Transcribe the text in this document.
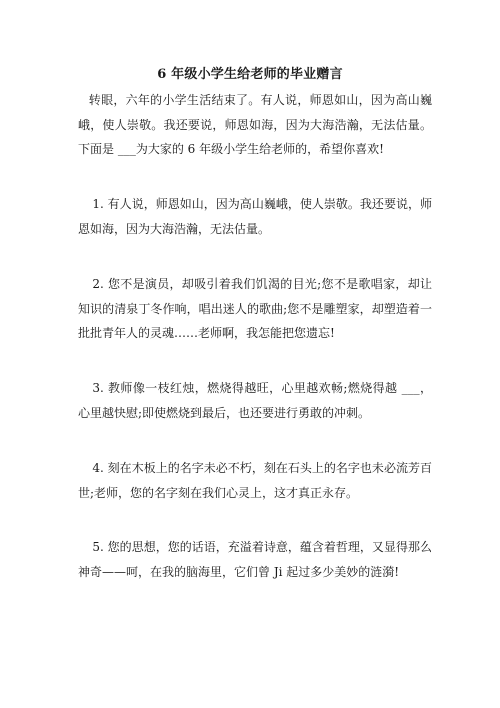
6 年级小学生给老师的毕业赠言

转眼，六年的小学生活结束了。有人说，师恩如山，因为高山巍峨，使人崇敬。我还要说，师恩如海，因为大海浩瀚，无法估量。下面是 ___为大家的 6 年级小学生给老师的，希望你喜欢!

1. 有人说，师恩如山，因为高山巍峨，使人崇敬。我还要说，师恩如海，因为大海浩瀚，无法估量。

2. 您不是演员，却吸引着我们饥渴的目光;您不是歌唱家，却让知识的清泉丁冬作响，唱出迷人的歌曲;您不是雕塑家，却塑造着一批批青年人的灵魂……老师啊，我怎能把您遗忘!

3. 教师像一枝红烛，燃烧得越旺，心里越欢畅;燃烧得越 ___，心里越快慰;即使燃烧到最后，也还要进行勇敢的冲刺。

4. 刻在木板上的名字未必不朽，刻在石头上的名字也未必流芳百世;老师，您的名字刻在我们心灵上，这才真正永存。

5. 您的思想，您的话语，充溢着诗意，蕴含着哲理，又显得那么神奇——呵，在我的脑海里，它们曾 Ji 起过多少美妙的涟漪!
